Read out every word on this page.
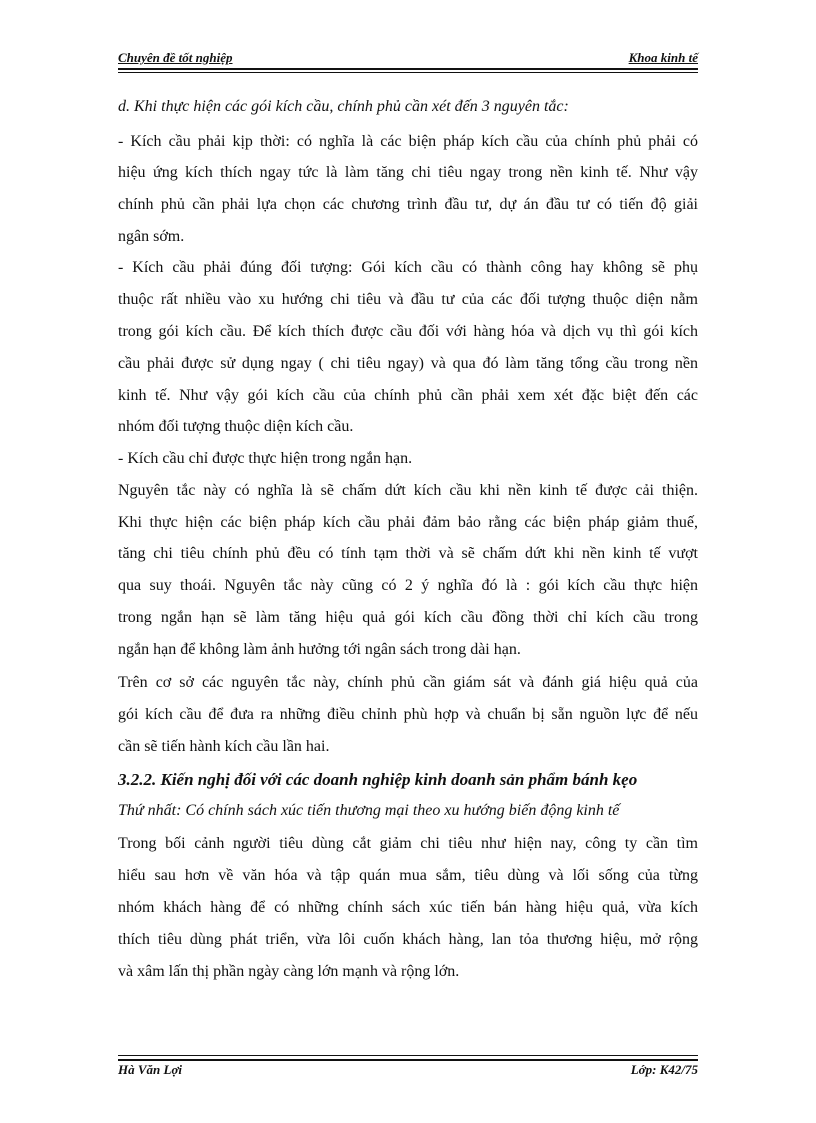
Chuyên đề tốt nghiệp	Khoa kinh tế
d. Khi thực hiện các gói kích cầu, chính phủ cần xét đến 3 nguyên tắc:
- Kích cầu phải kịp thời: có nghĩa là các biện pháp kích cầu của chính phủ phải có
hiệu ứng kích thích ngay tức là làm tăng chi tiêu ngay trong nền kinh tế. Như vậy
chính phủ cần phải lựa chọn các chương trình đầu tư, dự án đầu tư có tiến độ giải
ngân sớm.
- Kích cầu phải đúng đối tượng: Gói kích cầu có thành công hay không sẽ phụ
thuộc rất nhiều vào xu hướng chi tiêu và đầu tư của các đối tượng thuộc diện nằm
trong gói kích cầu. Để kích thích được cầu đối với hàng hóa và dịch vụ thì gói kích
cầu phải được sử dụng ngay ( chi tiêu ngay) và qua đó làm tăng tổng cầu trong nền
kinh tế. Như vậy gói kích cầu của chính phủ cần phải xem xét đặc biệt đến các
nhóm đối tượng thuộc diện kích cầu.
- Kích cầu chỉ được thực hiện trong ngắn hạn.
Nguyên tắc này có nghĩa là sẽ chấm dứt kích cầu khi nền kinh tế được cải thiện.
Khi thực hiện các biện pháp kích cầu phải đảm bảo rằng các biện pháp giảm thuế,
tăng chi tiêu chính phủ đều có tính tạm thời và sẽ chấm dứt khi nền kinh tế vượt
qua suy thoái. Nguyên tắc này cũng có 2 ý nghĩa đó là : gói kích cầu thực hiện
trong ngắn hạn sẽ làm tăng hiệu quả gói kích cầu đồng thời chỉ kích cầu trong
ngắn hạn để không làm ảnh hưởng tới ngân sách trong dài hạn.
Trên cơ sở các nguyên tắc này, chính phủ cần giám sát và đánh giá hiệu quả của
gói kích cầu để đưa ra những điều chỉnh phù hợp và chuẩn bị sẵn nguồn lực để nếu
cần sẽ tiến hành kích cầu lần hai.
3.2.2. Kiến nghị đối với các doanh nghiệp kinh doanh sản phẩm bánh kẹo
Thứ nhất: Có chính sách xúc tiến thương mại theo xu hướng biến động kinh tế
Trong bối cảnh người tiêu dùng cắt giảm chi tiêu như hiện nay, công ty cần tìm
hiểu sau hơn về văn hóa và tập quán mua sắm, tiêu dùng và lối sống của từng
nhóm khách hàng để có những chính sách xúc tiến bán hàng hiệu quả, vừa kích
thích tiêu dùng phát triển, vừa lôi cuốn khách hàng, lan tỏa thương hiệu, mở rộng
và xâm lấn thị phần ngày càng lớn mạnh và rộng lớn.
Hà Văn Lợi	Lớp: K42/75
